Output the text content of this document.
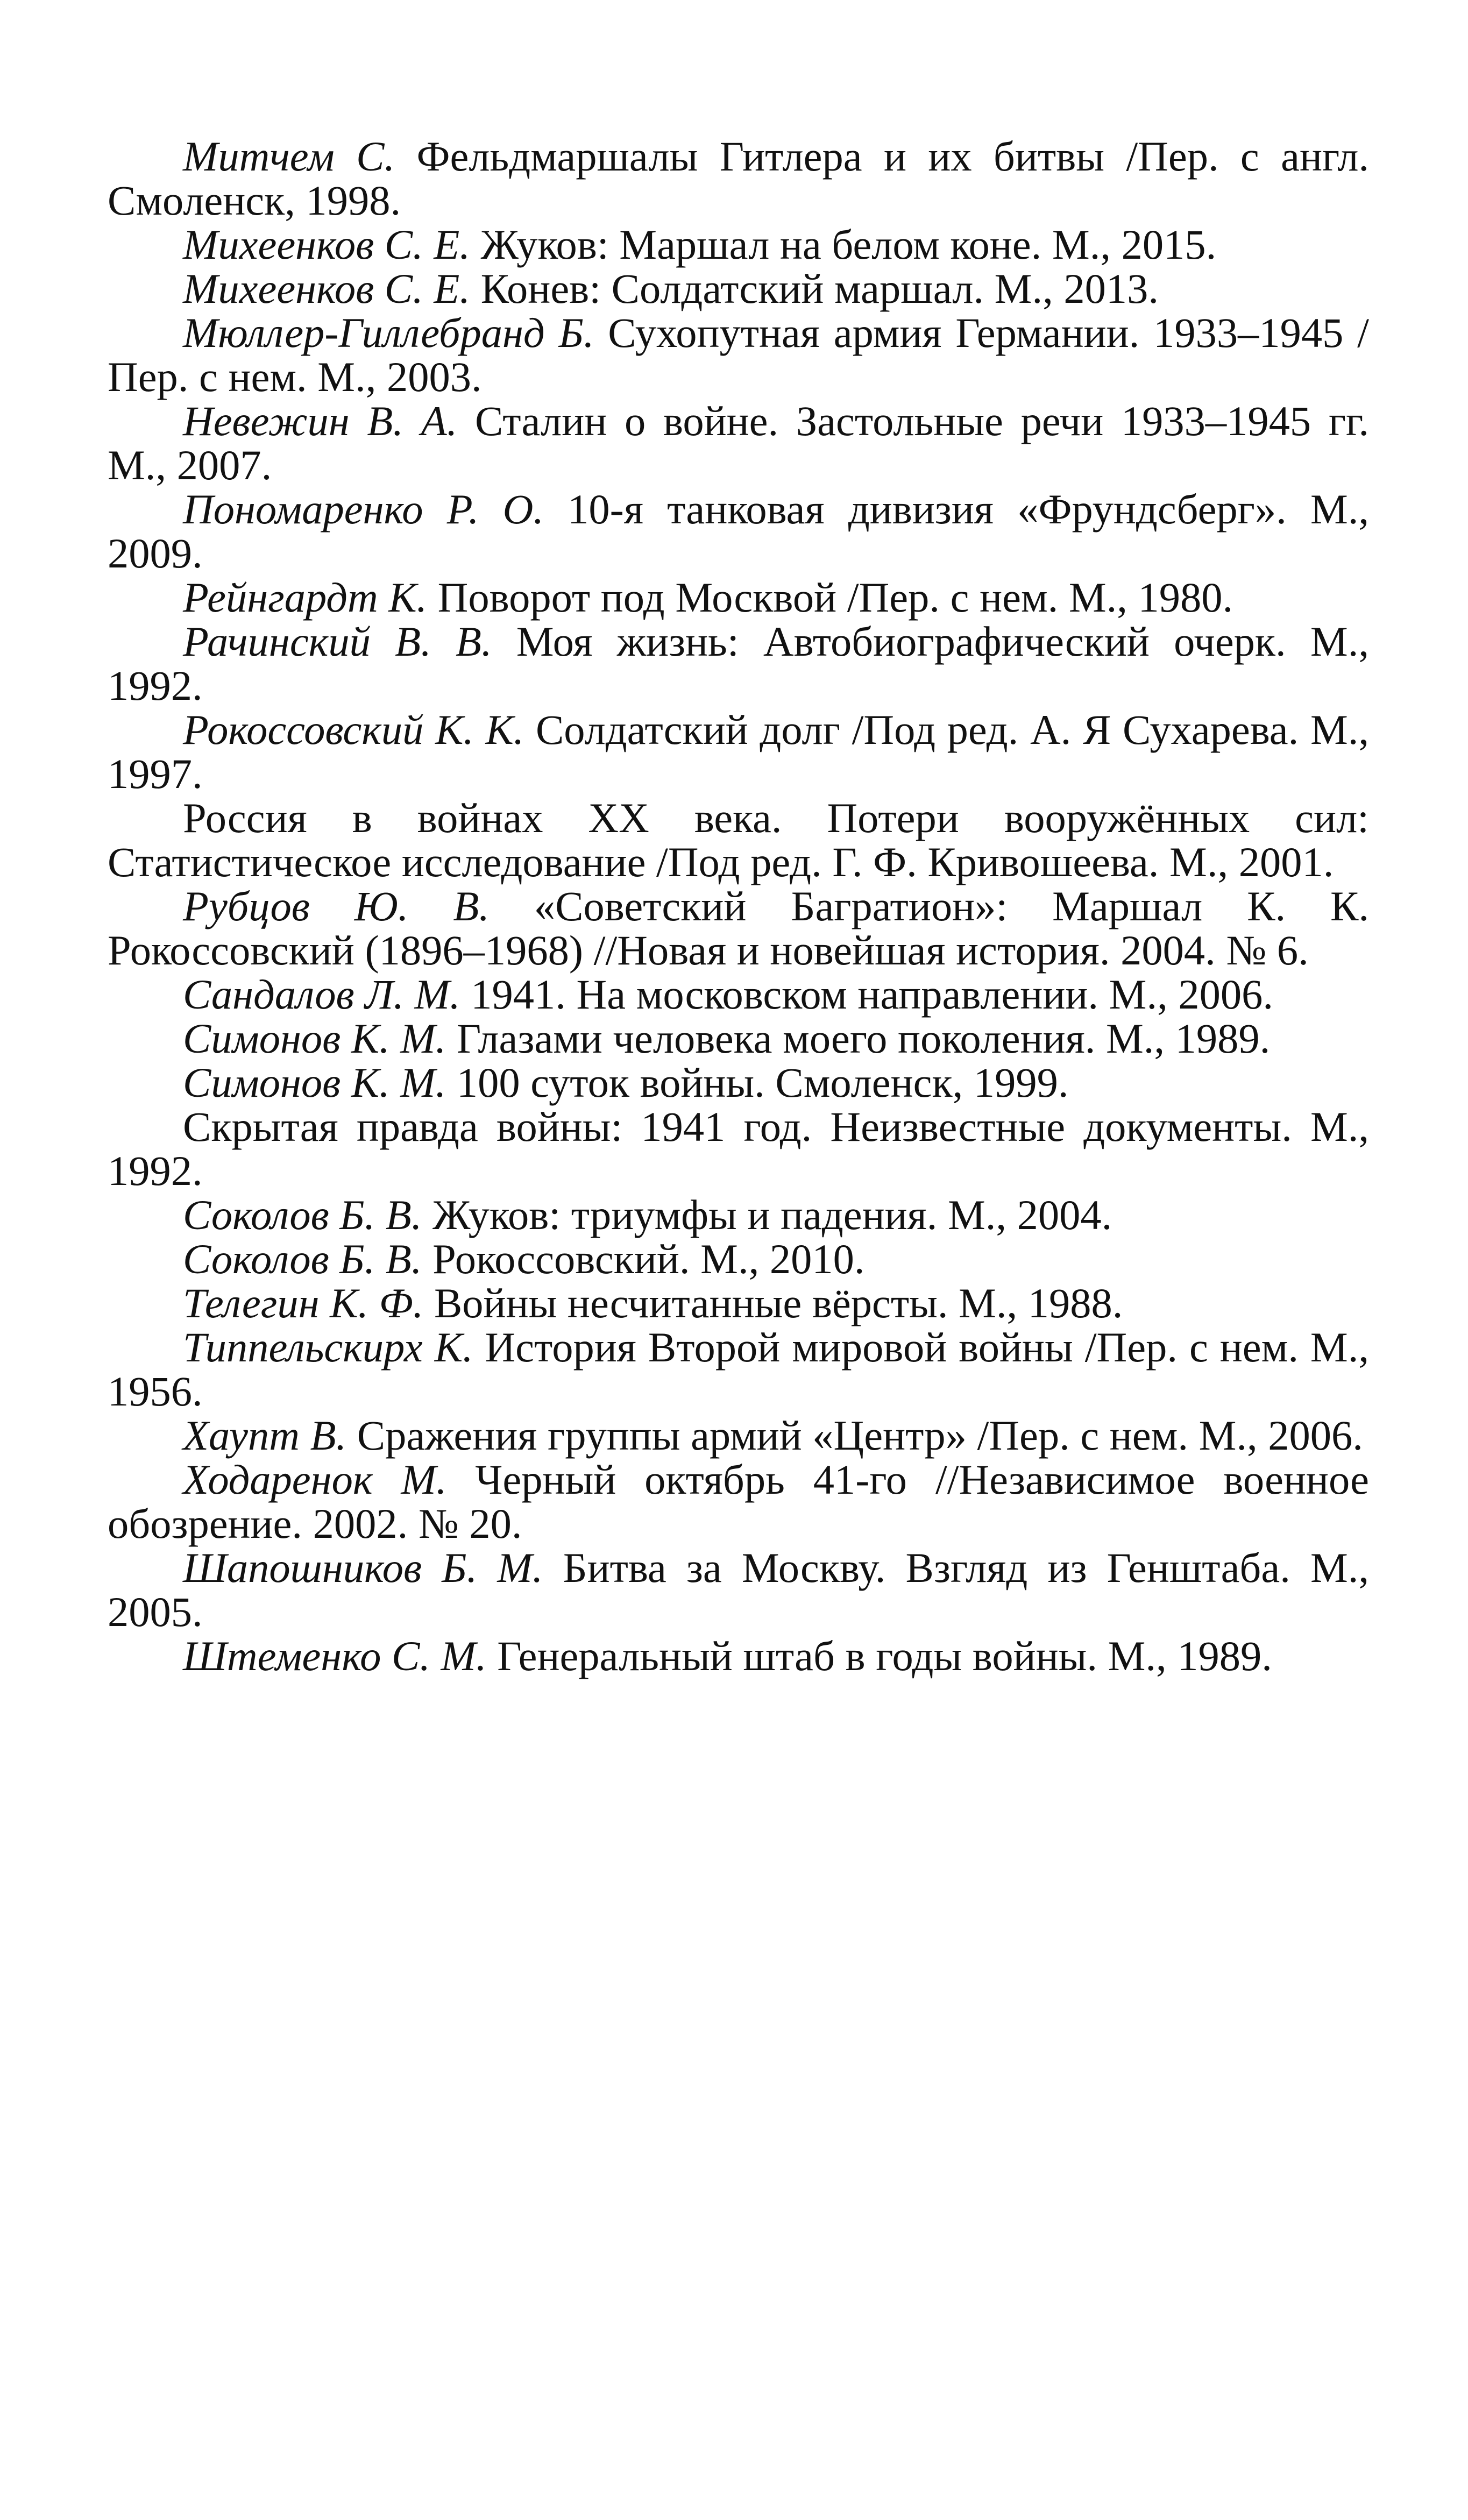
Митчем С. Фельдмаршалы Гитлера и их битвы /Пер. с англ. Смоленск, 1998.

Михеенков С. Е. Жуков: Маршал на белом коне. М., 2015.

Михеенков С. Е. Конев: Солдатский маршал. М., 2013.

Мюллер-Гиллебранд Б. Сухопутная армия Германии. 1933–1945 /Пер. с нем. М., 2003.

Невежин В. А. Сталин о войне. Застольные речи 1933–1945 гг. М., 2007.

Пономаренко Р. О. 10-я танковая дивизия «Фрундсберг». М., 2009.

Рейнгардт К. Поворот под Москвой /Пер. с нем. М., 1980.

Рачинский В. В. Моя жизнь: Автобиографический очерк. М., 1992.

Рокоссовский К. К. Солдатский долг /Под ред. А. Я Сухарева. М., 1997.

Россия в войнах XX века. Потери вооружённых сил: Статистическое исследование /Под ред. Г. Ф. Кривошеева. М., 2001.

Рубцов Ю. В. «Советский Багратион»: Маршал К. К. Рокоссовский (1896–1968) //Новая и новейшая история. 2004. № 6.

Сандалов Л. М. 1941. На московском направлении. М., 2006.

Симонов К. М. Глазами человека моего поколения. М., 1989.

Симонов К. М. 100 суток войны. Смоленск, 1999.

Скрытая правда войны: 1941 год. Неизвестные документы. М., 1992.

Соколов Б. В. Жуков: триумфы и падения. М., 2004.

Соколов Б. В. Рокоссовский. М., 2010.

Телегин К. Ф. Войны несчитанные вёрсты. М., 1988.

Типпельскирх К. История Второй мировой войны /Пер. с нем. М., 1956.

Хаупт В. Сражения группы армий «Центр» /Пер. с нем. М., 2006.

Ходаренок М. Черный октябрь 41-го //Независимое военное обозрение. 2002. № 20.

Шапошников Б. М. Битва за Москву. Взгляд из Генштаба. М., 2005.

Штеменко С. М. Генеральный штаб в годы войны. М., 1989.
